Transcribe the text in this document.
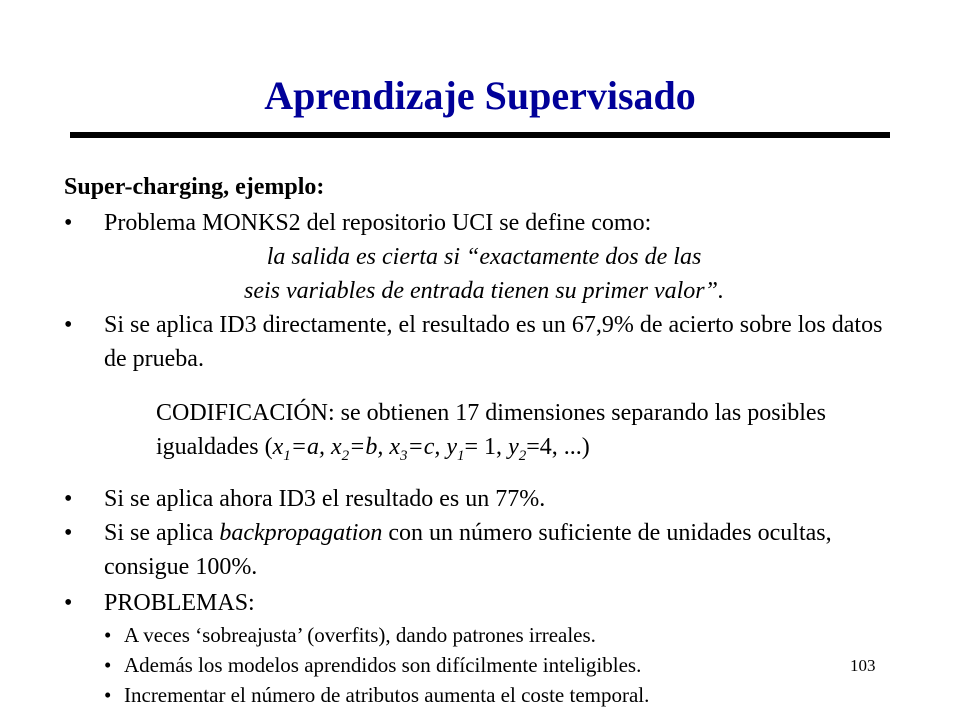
Aprendizaje Supervisado
Super-charging, ejemplo:
• Problema MONKS2 del repositorio UCI se define como:
la salida es cierta si “exactamente dos de las
seis variables de entrada tienen su primer valor”.
• Si se aplica ID3 directamente, el resultado es un 67,9% de acierto sobre los datos de prueba.
CODIFICACIÓN: se obtienen 17 dimensiones separando las posibles igualdades ($x_1=a$, $x_2=b$, $x_3=c$, $y_1= 1$, $y_2=4$, ...)
• Si se aplica ahora ID3 el resultado es un 77%.
• Si se aplica backpropagation con un número suficiente de unidades ocultas, consigue 100%.
• PROBLEMAS:
• A veces ‘sobreajusta’ (overfits), dando patrones irreales.
• Además los modelos aprendidos son difícilmente inteligibles.
• Incrementar el número de atributos aumenta el coste temporal.
103
